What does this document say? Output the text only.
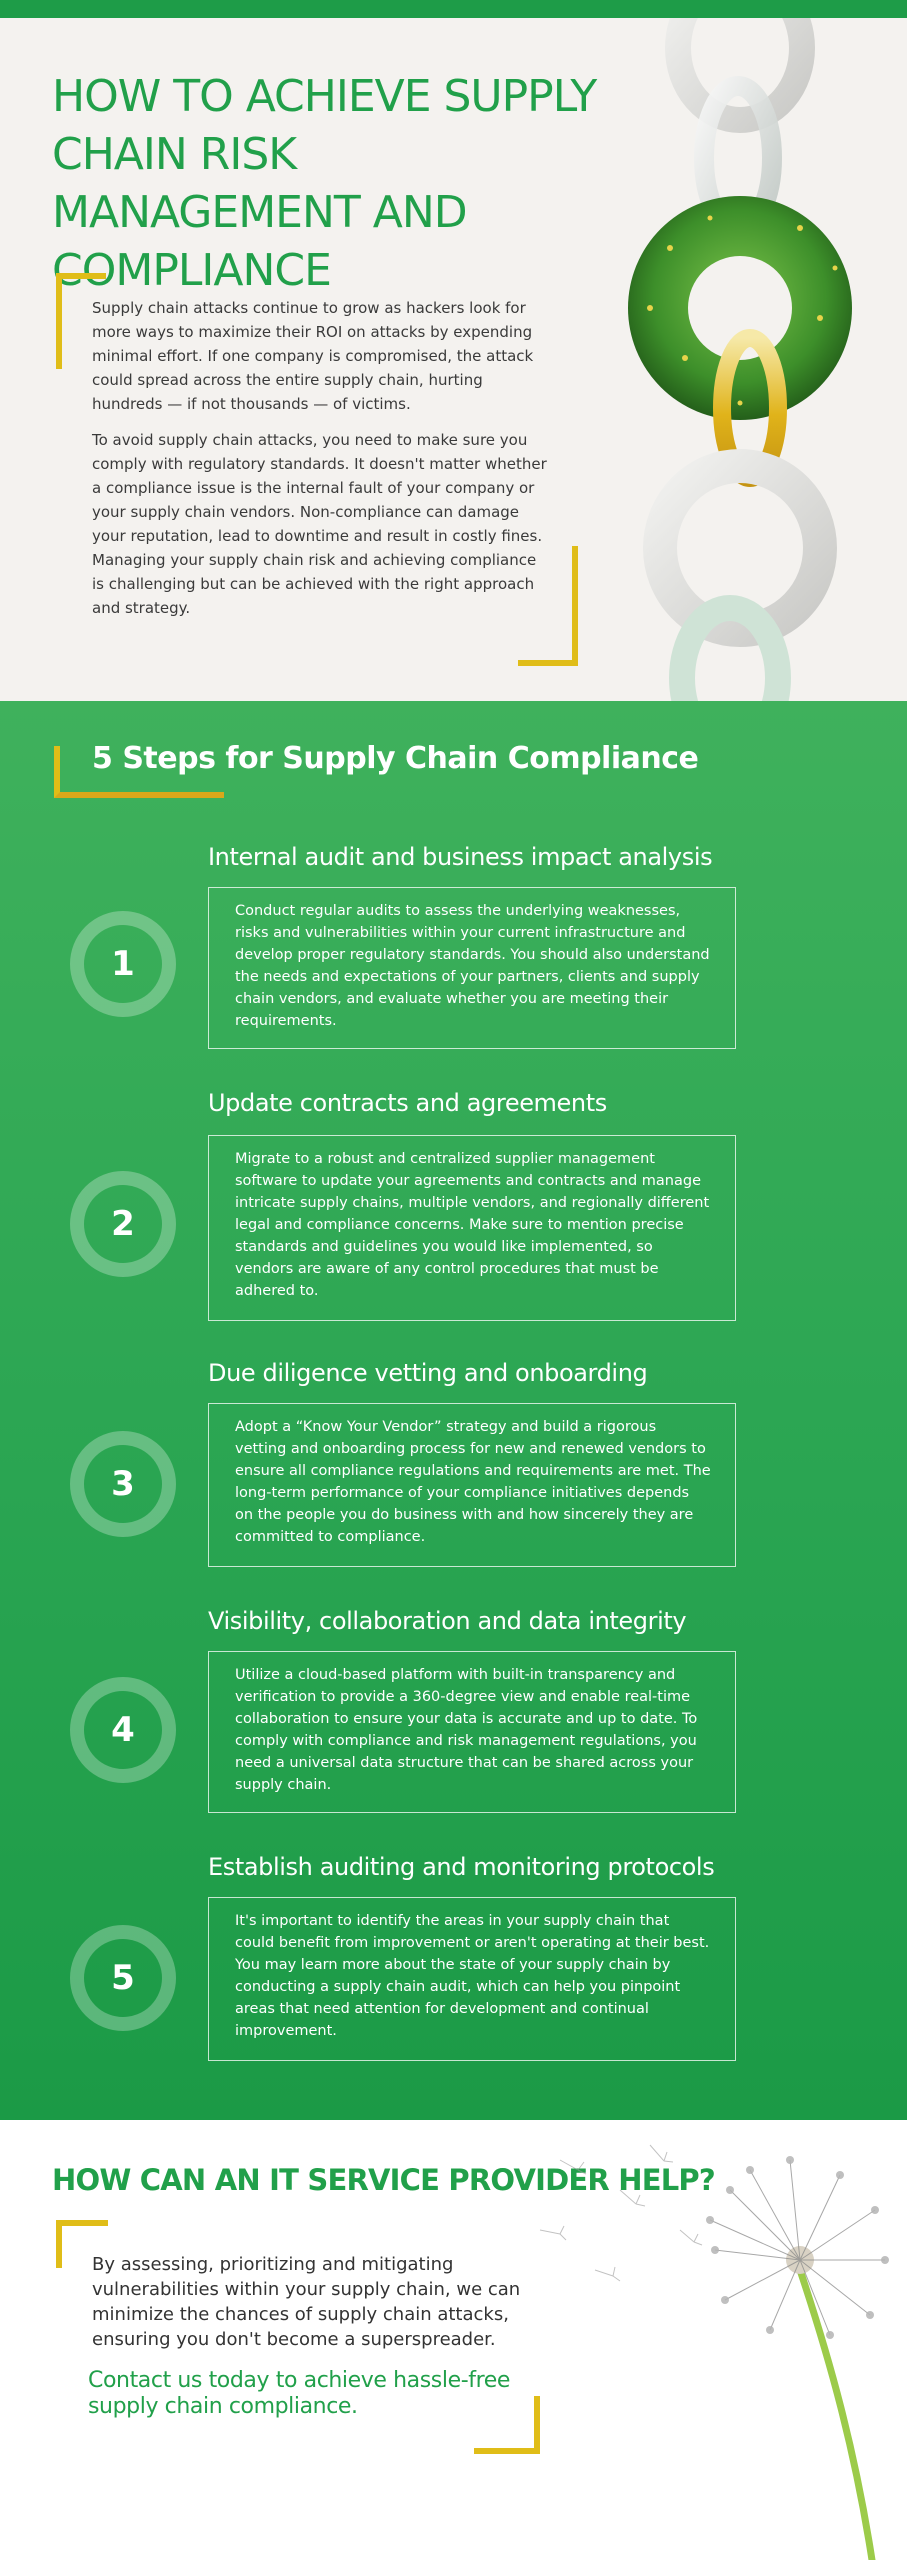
HOW TO ACHIEVE SUPPLY CHAIN RISK MANAGEMENT AND COMPLIANCE

Supply chain attacks continue to grow as hackers look for more ways to maximize their ROI on attacks by expending minimal effort. If one company is compromised, the attack could spread across the entire supply chain, hurting hundreds — if not thousands — of victims.

To avoid supply chain attacks, you need to make sure you comply with regulatory standards. It doesn't matter whether a compliance issue is the internal fault of your company or your supply chain vendors. Non-compliance can damage your reputation, lead to downtime and result in costly fines. Managing your supply chain risk and achieving compliance is challenging but can be achieved with the right approach and strategy.

5 Steps for Supply Chain Compliance
Internal audit and business impact analysis
1

Conduct regular audits to assess the underlying weaknesses, risks and vulnerabilities within your current infrastructure and develop proper regulatory standards. You should also understand the needs and expectations of your partners, clients and supply chain vendors, and evaluate whether you are meeting their requirements.

Update contracts and agreements
2

Migrate to a robust and centralized supplier management software to update your agreements and contracts and manage intricate supply chains, multiple vendors, and regionally different legal and compliance concerns. Make sure to mention precise standards and guidelines you would like implemented, so vendors are aware of any control procedures that must be adhered to.

Due diligence vetting and onboarding
3

Adopt a “Know Your Vendor” strategy and build a rigorous vetting and onboarding process for new and renewed vendors to ensure all compliance regulations and requirements are met. The long-term performance of your compliance initiatives depends on the people you do business with and how sincerely they are committed to compliance.

Visibility, collaboration and data integrity
4

Utilize a cloud-based platform with built-in transparency and verification to provide a 360-degree view and enable real-time collaboration to ensure your data is accurate and up to date. To comply with compliance and risk management regulations, you need a universal data structure that can be shared across your supply chain.

Establish auditing and monitoring protocols
5

It's important to identify the areas in your supply chain that could benefit from improvement or aren't operating at their best. You may learn more about the state of your supply chain by conducting a supply chain audit, which can help you pinpoint areas that need attention for development and continual improvement.

HOW CAN AN IT SERVICE PROVIDER HELP?

By assessing, prioritizing and mitigating vulnerabilities within your supply chain, we can minimize the chances of supply chain attacks, ensuring you don't become a superspreader.

Contact us today to achieve hassle-free supply chain compliance.
